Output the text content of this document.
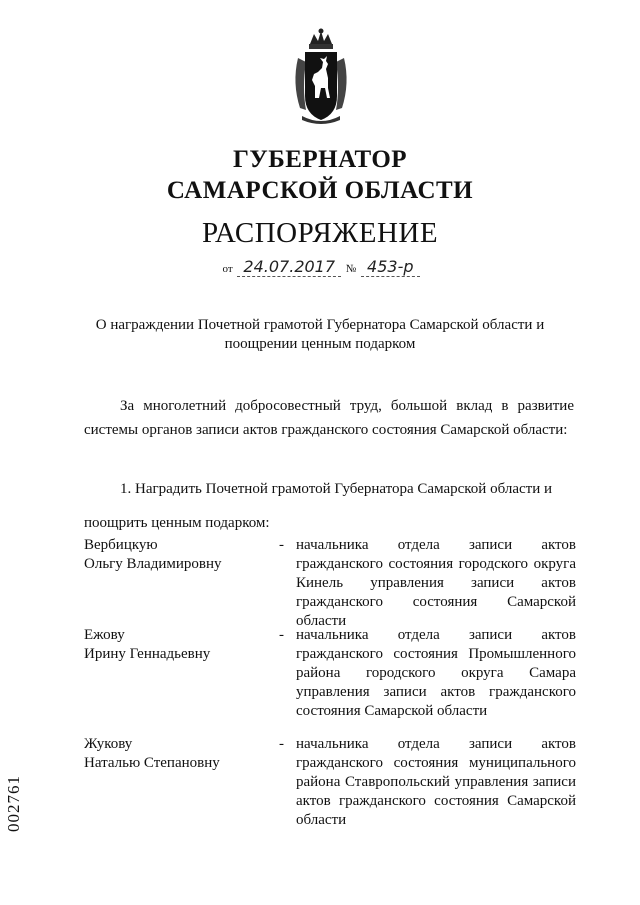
ГУБЕРНАТОР
САМАРСКОЙ ОБЛАСТИ
РАСПОРЯЖЕНИЕ
от 24.07.2017 № 453-р
О награждении Почетной грамотой Губернатора Самарской области и поощрении ценным подарком
За многолетний добросовестный труд, большой вклад в развитие системы органов записи актов гражданского состояния Самарской области:
1. Наградить Почетной грамотой Губернатора Самарской области и
поощрить ценным подарком:
Вербицкую
Ольгу Владимировну
- начальника отдела записи актов гражданского состояния городского округа Кинель управления записи актов гражданского состояния Самарской области
Ежову
Ирину Геннадьевну
- начальника отдела записи актов гражданского состояния Промышленного района городского округа Самара управления записи актов гражданского состояния Самарской области
Жукову
Наталью Степановну
- начальника отдела записи актов гражданского состояния муниципального района Ставропольский управления записи актов гражданского состояния Самарской области
002761
